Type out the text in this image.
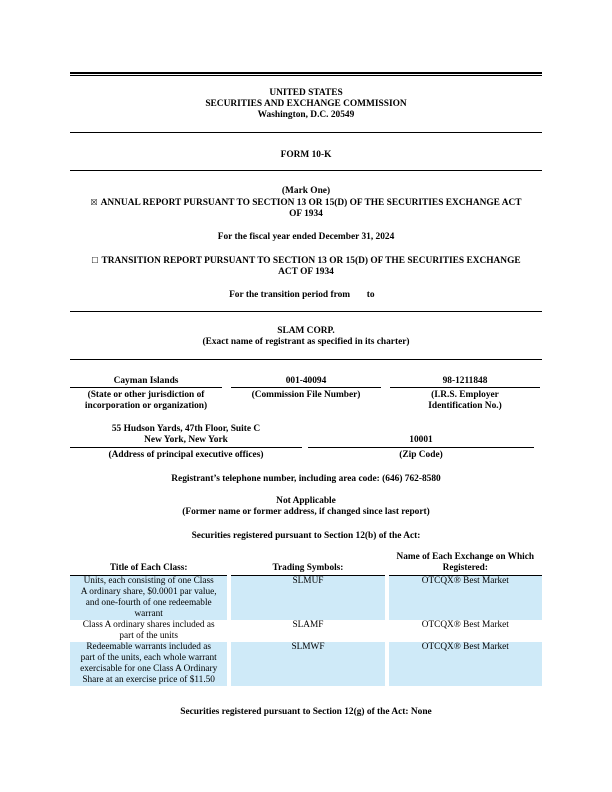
UNITED STATES
SECURITIES AND EXCHANGE COMMISSION
Washington, D.C. 20549
FORM 10-K
(Mark One)
☒ ANNUAL REPORT PURSUANT TO SECTION 13 OR 15(D) OF THE SECURITIES EXCHANGE ACT
OF 1934
For the fiscal year ended December 31, 2024
☐ TRANSITION REPORT PURSUANT TO SECTION 13 OR 15(D) OF THE SECURITIES EXCHANGE
ACT OF 1934
For the transition period from to
SLAM CORP.
(Exact name of registrant as specified in its charter)
Cayman Islands	001-40094	98-1211848
(State or other jurisdiction of
incorporation or organization)
(Commission File Number)	(I.R.S. Employer
Identification No.)
55 Hudson Yards, 47th Floor, Suite C
New York, New York	10001
(Address of principal executive offices)	(Zip Code)
Registrant’s telephone number, including area code: (646) 762-8580
Not Applicable
(Former name or former address, if changed since last report)
Securities registered pursuant to Section 12(b) of the Act:
Title of Each Class:		Trading Symbols:		Name of Each Exchange on Which
Registered:

Units, each consisting of one Class
A ordinary share, $0.0001 par value,
and one-fourth of one redeemable
warrant		SLMUF		OTCQX® Best Market

Class A ordinary shares included as
part of the units		SLAMF		OTCQX® Best Market

Redeemable warrants included as
part of the units, each whole warrant
exercisable for one Class A Ordinary
Share at an exercise price of $11.50		SLMWF		OTCQX® Best Market
Securities registered pursuant to Section 12(g) of the Act: None
